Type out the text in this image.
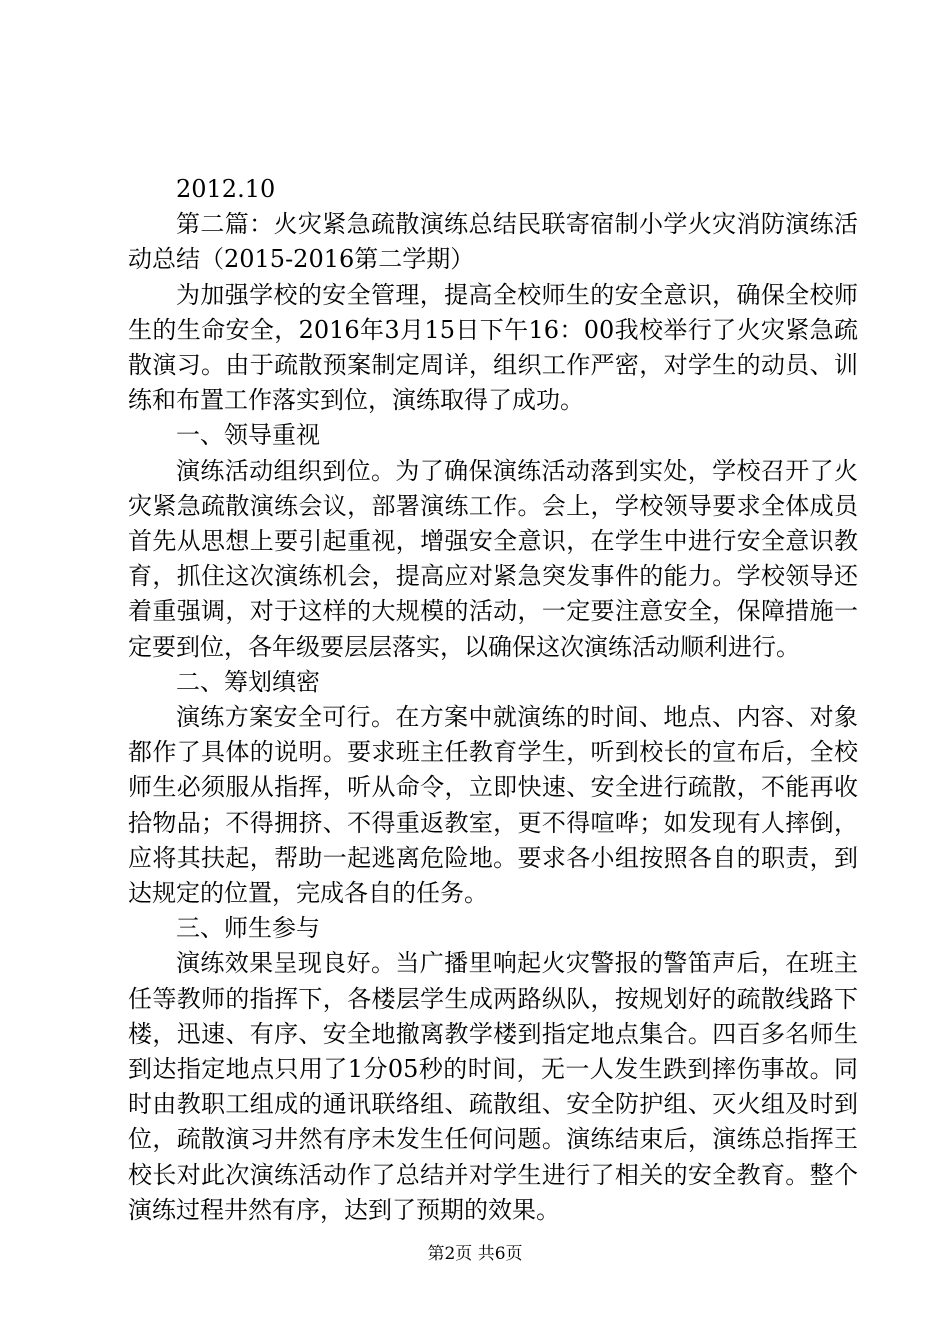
2012.10

第二篇：火灾紧急疏散演练总结民联寄宿制小学火灾消防演练活动总结（2015-2016第二学期）

为加强学校的安全管理，提高全校师生的安全意识，确保全校师生的生命安全，2016年3月15日下午16：00我校举行了火灾紧急疏散演习。由于疏散预案制定周详，组织工作严密，对学生的动员、训练和布置工作落实到位，演练取得了成功。

一、领导重视

演练活动组织到位。为了确保演练活动落到实处，学校召开了火灾紧急疏散演练会议，部署演练工作。会上，学校领导要求全体成员首先从思想上要引起重视，增强安全意识，在学生中进行安全意识教育，抓住这次演练机会，提高应对紧急突发事件的能力。学校领导还着重强调，对于这样的大规模的活动，一定要注意安全，保障措施一定要到位，各年级要层层落实，以确保这次演练活动顺利进行。

二、筹划缜密

演练方案安全可行。在方案中就演练的时间、地点、内容、对象都作了具体的说明。要求班主任教育学生，听到校长的宣布后，全校师生必须服从指挥，听从命令，立即快速、安全进行疏散，不能再收拾物品；不得拥挤、不得重返教室，更不得喧哗；如发现有人摔倒，应将其扶起，帮助一起逃离危险地。要求各小组按照各自的职责，到达规定的位置，完成各自的任务。

三、师生参与

演练效果呈现良好。当广播里响起火灾警报的警笛声后，在班主任等教师的指挥下，各楼层学生成两路纵队，按规划好的疏散线路下楼，迅速、有序、安全地撤离教学楼到指定地点集合。四百多名师生到达指定地点只用了1分05秒的时间，无一人发生跌到摔伤事故。同时由教职工组成的通讯联络组、疏散组、安全防护组、灭火组及时到位，疏散演习井然有序未发生任何问题。演练结束后，演练总指挥王校长对此次演练活动作了总结并对学生进行了相关的安全教育。整个演练过程井然有序，达到了预期的效果。

第2页 共6页
